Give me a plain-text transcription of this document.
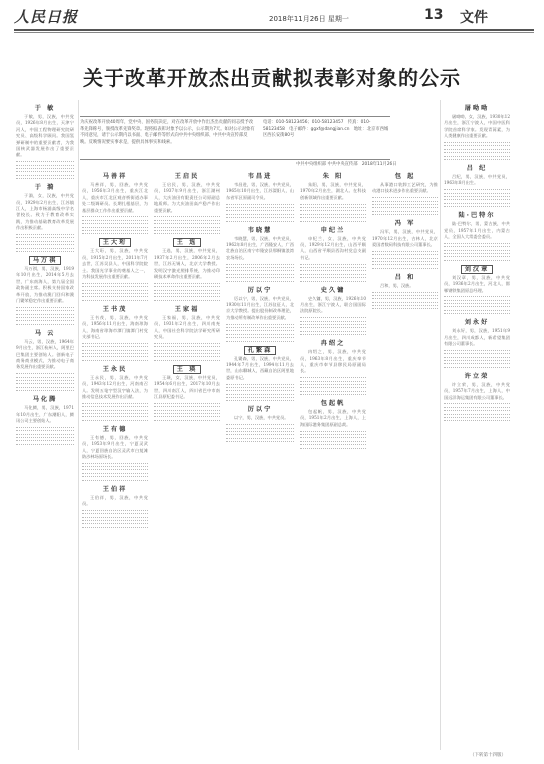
人民日报	2018年11月26日 星期一	13 文件
关于改革开放杰出贡献拟表彰对象的公示
为庆祝改革开放40周年，党中央、国务院决定，对在改革开放中作出杰出贡献的同志授予改革先锋称号，颁授改革先锋奖章。现将拟表彰对象予以公示，公示期为7天。如对公示对象有不同意见，请于公示期内以书面、电子邮件等形式向中共中央组织部、中共中央宣传部反映。反映情况要实事求是，提供具体事实和线索。
电话：010-58123456；010-58123457　传真：010-58123458　电子邮件：ggxf@dangjian.cn　地址：北京市西城区西长安街80号
中共中央组织部 中共中央宣传部　2018年11月26日
于 敏
于敏，男，汉族，中共党员，1926年8月出生，天津宁河人，中国工程物理研究院研究员、高级科学顾问。我国氢弹研制中的重要贡献者，为我国核武器发展作出了重要贡献。
于 漪
于漪，女，汉族，中共党员，1929年2月出生，江苏镇江人，上海市杨浦高级中学名誉校长。致力于教育改革实践，为推动基础教育改革发展作出积极贡献。
马万祺
马万祺，男，汉族，1919年10月出生，2014年5月去世，广东南海人，第九届全国政协副主席。积极支持国家改革开放，为推动澳门回归和澳门繁荣稳定作出重要贡献。
马 云
马云，男，汉族，1964年9月出生，浙江杭州人，阿里巴巴集团主要创始人。创新电子商务商业模式，为推动电子商务发展作出重要贡献。
马化腾
马化腾，男，汉族，1971年10月出生，广东潮阳人，腾讯公司主要创始人。
马善祥
马善祥，男，回族，中共党员，1956年3月出生，重庆江北人，重庆市江北区观音桥街道办事处二级调研员。长期扎根基层，为基层群众工作作出重要贡献。
王大珩
王大珩，男，汉族，中共党员，1915年2月出生，2011年7月去世，江苏吴县人，中国科学院院士。我国光学事业的奠基人之一，为科技发展作出重要贡献。
王书茂
王书茂，男，汉族，中共党员，1956年11月出生，海南琼海人，海南省琼海市潭门镇潭门村党支部书记。
王永民
王永民，男，汉族，中共党员，1943年12月出生，河南南召人。发明五笔字型汉字输入法，为推动信息技术发展作出贡献。
王有德
王有德，男，回族，中共党员，1953年9月出生，宁夏灵武人，宁夏回族自治区灵武市白芨滩防沙林场原场长。
王伯祥
王伯祥，男，汉族，中共党员。
王启民
王启民，男，汉族，中共党员，1937年9月出生，浙江湖州人，大庆油田有限责任公司原副总地质师。为大庆油田高产稳产作出重要贡献。
王 选
王选，男，汉族，中共党员，1937年2月出生，2006年2月去世，江苏无锡人，北京大学教授。发明汉字激光照排系统，为推动印刷技术革命作出重要贡献。
王家福
王家福，男，汉族，中共党员，1931年2月出生，四川南充人，中国社会科学院法学研究所研究员。
王 瑛
王瑛，女，汉族，中共党员，1954年6月出生，2017年10月去世，四川南江人，四川省巴中市南江县原纪委书记。
韦昌进
韦昌进，男，汉族，中共党员，1965年10月出生，江苏溧阳人，山东省军区原副司令员。
韦晓慧
韦晓慧，男，汉族，中共党员，1962年8月出生，广西隆安人，广西壮族自治区南宁市隆安县那桐镇浪湾农场场长。
厉以宁
厉以宁，男，汉族，中共党员，1930年11月出生，江苏仪征人，北京大学教授。提出股份制改革理论，为推动所有制改革作出重要贡献。
孔繁森
孔繁森，男，汉族，中共党员，1944年7月出生，1994年11月去世，山东聊城人，西藏自治区阿里地委原书记。
厉以宁
以宁，男，汉族，中共党员。
朱 阳
朱阳，男，汉族，中共党员，1970年2月出生，湖北人。在科技创新领域作出重要贡献。
申纪兰
申纪兰，女，汉族，中共党员，1929年12月出生，山西平顺人，山西省平顺县西沟村党总支副书记。
史久镛
史久镛，男，汉族，1926年10月出生，浙江宁波人，联合国国际法院原院长。
冉绍之
冉绍之，男，汉族，中共党员，1963年8月出生，重庆奉节人，重庆市奉节县移民局原副局长。
包起帆
包起帆，男，汉族，中共党员，1951年2月出生，上海人，上海国际港务集团原副总裁。
包 起
从事港口装卸工艺研究，为推动港口技术进步作出重要贡献。
冯 军
冯军，男，汉族，中共党员，1970年12月出生，吉林人，北京爱国者数码科技有限公司董事长。
吕 和
吕和，男，汉族。
屠呦呦
屠呦呦，女，汉族，1930年12月出生，浙江宁波人，中国中医科学院首席科学家。发现青蒿素，为人类健康作出重要贡献。
吕 纪
吕纪，男，汉族，中共党员，1963年8月出生。
陆·巴特尔
陆·巴特尔，男，蒙古族，中共党员，1957年1月出生，内蒙古人，全国人大常委会委员。
刘汉章
刘汉章，男，汉族，中共党员，1936年2月出生，河北人，邯郸钢铁集团原总经理。
刘永好
刘永好，男，汉族，1951年9月出生，四川成都人，新希望集团有限公司董事长。
许立荣
许立荣，男，汉族，中共党员，1957年7月出生，上海人，中国远洋海运集团有限公司董事长。
（下转第十四版）
